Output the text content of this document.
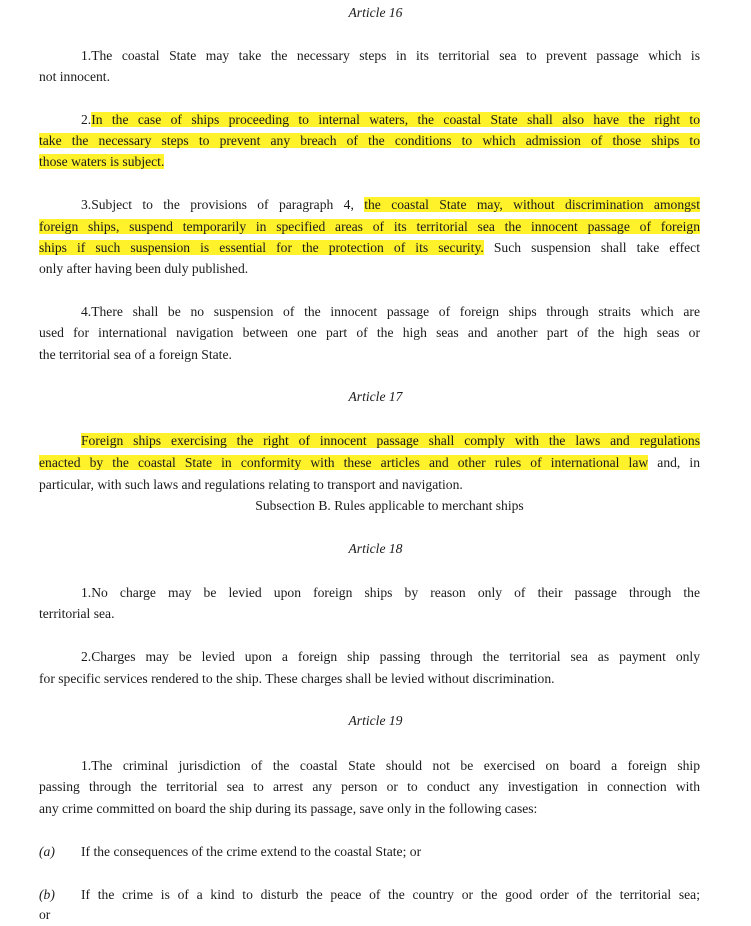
Article 16
1.The coastal State may take the necessary steps in its territorial sea to prevent passage which is
not innocent.
2.In the case of ships proceeding to internal waters, the coastal State shall also have the right to
take the necessary steps to prevent any breach of the conditions to which admission of those ships to
those waters is subject.
3.Subject to the provisions of paragraph 4, the coastal State may, without discrimination amongst
foreign ships, suspend temporarily in specified areas of its territorial sea the innocent passage of foreign
ships if such suspension is essential for the protection of its security. Such suspension shall take effect
only after having been duly published.
4.There shall be no suspension of the innocent passage of foreign ships through straits which are
used for international navigation between one part of the high seas and another part of the high seas or
the territorial sea of a foreign State.
Article 17
Foreign ships exercising the right of innocent passage shall comply with the laws and regulations
enacted by the coastal State in conformity with these articles and other rules of international law and, in
particular, with such laws and regulations relating to transport and navigation.
Subsection B. Rules applicable to merchant ships
Article 18
1.No charge may be levied upon foreign ships by reason only of their passage through the
territorial sea.
2.Charges may be levied upon a foreign ship passing through the territorial sea as payment only
for specific services rendered to the ship. These charges shall be levied without discrimination.
Article 19
1.The criminal jurisdiction of the coastal State should not be exercised on board a foreign ship
passing through the territorial sea to arrest any person or to conduct any investigation in connection with
any crime committed on board the ship during its passage, save only in the following cases:
(a) If the consequences of the crime extend to the coastal State; or
(b) If the crime is of a kind to disturb the peace of the country or the good order of the territorial sea;
or
